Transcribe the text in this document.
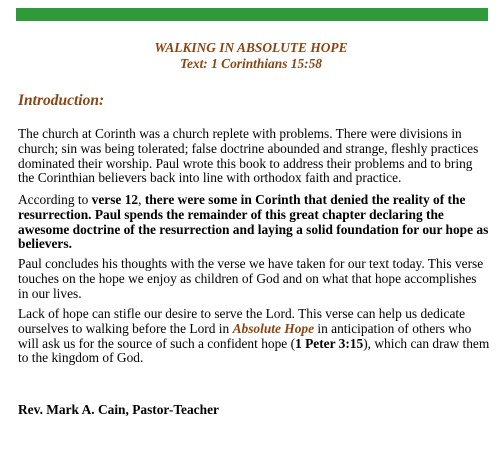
WALKING IN ABSOLUTE HOPE
Text: 1 Corinthians 15:58
Introduction:

The church at Corinth was a church replete with problems. There were divisions in church; sin was being tolerated; false doctrine abounded and strange, fleshly practices dominated their worship. Paul wrote this book to address their problems and to bring the Corinthian believers back into line with orthodox faith and practice.

According to verse 12, there were some in Corinth that denied the reality of the resurrection. Paul spends the remainder of this great chapter declaring the awesome doctrine of the resurrection and laying a solid foundation for our hope as believers.

Paul concludes his thoughts with the verse we have taken for our text today. This verse touches on the hope we enjoy as children of God and on what that hope accomplishes in our lives.

Lack of hope can stifle our desire to serve the Lord. This verse can help us dedicate ourselves to walking before the Lord in Absolute Hope in anticipation of others who will ask us for the source of such a confident hope (1 Peter 3:15), which can draw them to the kingdom of God.

Rev. Mark A. Cain, Pastor-Teacher
